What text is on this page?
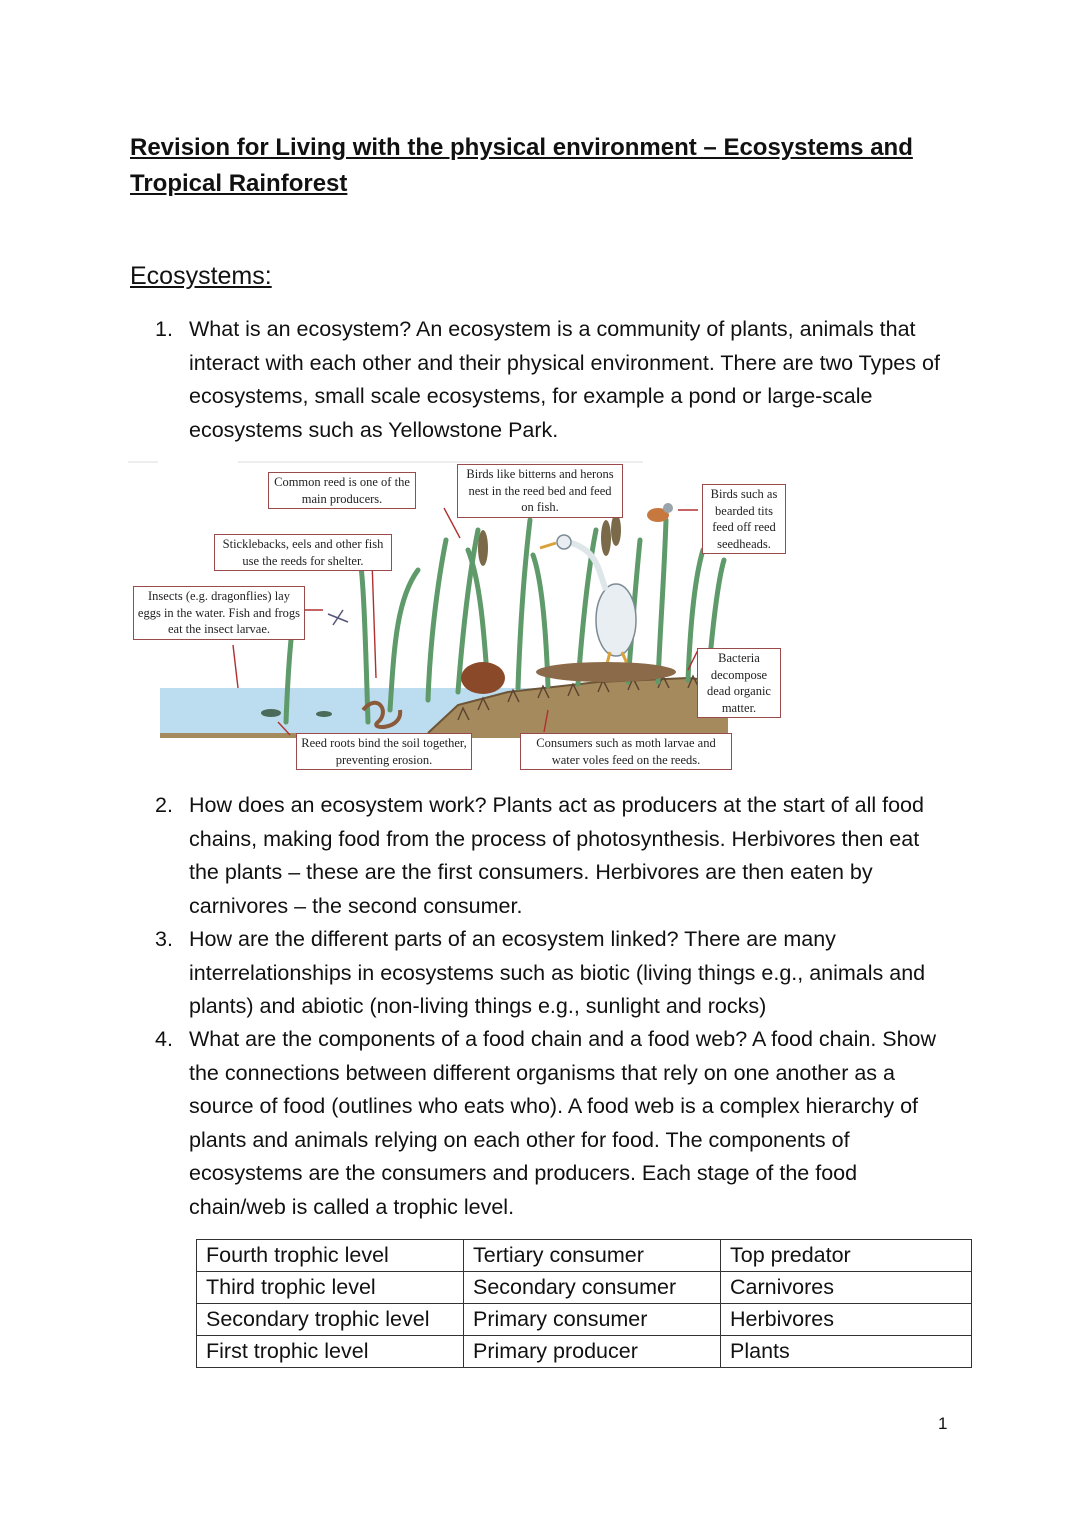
Revision for Living with the physical environment – Ecosystems and Tropical Rainforest
Ecosystems:
1. What is an ecosystem? An ecosystem is a community of plants, animals that interact with each other and their physical environment. There are two Types of ecosystems, small scale ecosystems, for example a pond or large-scale ecosystems such as Yellowstone Park.
Common reed is one of the main producers.
Birds like bitterns and herons nest in the reed bed and feed on fish.
Birds such as bearded tits feed off reed seedheads.
Sticklebacks, eels and other fish use the reeds for shelter.
Insects (e.g. dragonflies) lay eggs in the water. Fish and frogs eat the insect larvae.
Bacteria decompose dead organic matter.
Reed roots bind the soil together, preventing erosion.
Consumers such as moth larvae and water voles feed on the reeds.
2. How does an ecosystem work? Plants act as producers at the start of all food chains, making food from the process of photosynthesis. Herbivores then eat the plants – these are the first consumers. Herbivores are then eaten by carnivores – the second consumer.
3. How are the different parts of an ecosystem linked? There are many interrelationships in ecosystems such as biotic (living things e.g., animals and plants) and abiotic (non-living things e.g., sunlight and rocks)
4. What are the components of a food chain and a food web? A food chain. Show the connections between different organisms that rely on one another as a source of food (outlines who eats who). A food web is a complex hierarchy of plants and animals relying on each other for food. The components of ecosystems are the consumers and producers. Each stage of the food chain/web is called a trophic level.
Fourth trophic level	Tertiary consumer	Top predator
Third trophic level	Secondary consumer	Carnivores
Secondary trophic level	Primary consumer	Herbivores
First trophic level	Primary producer	Plants
1
